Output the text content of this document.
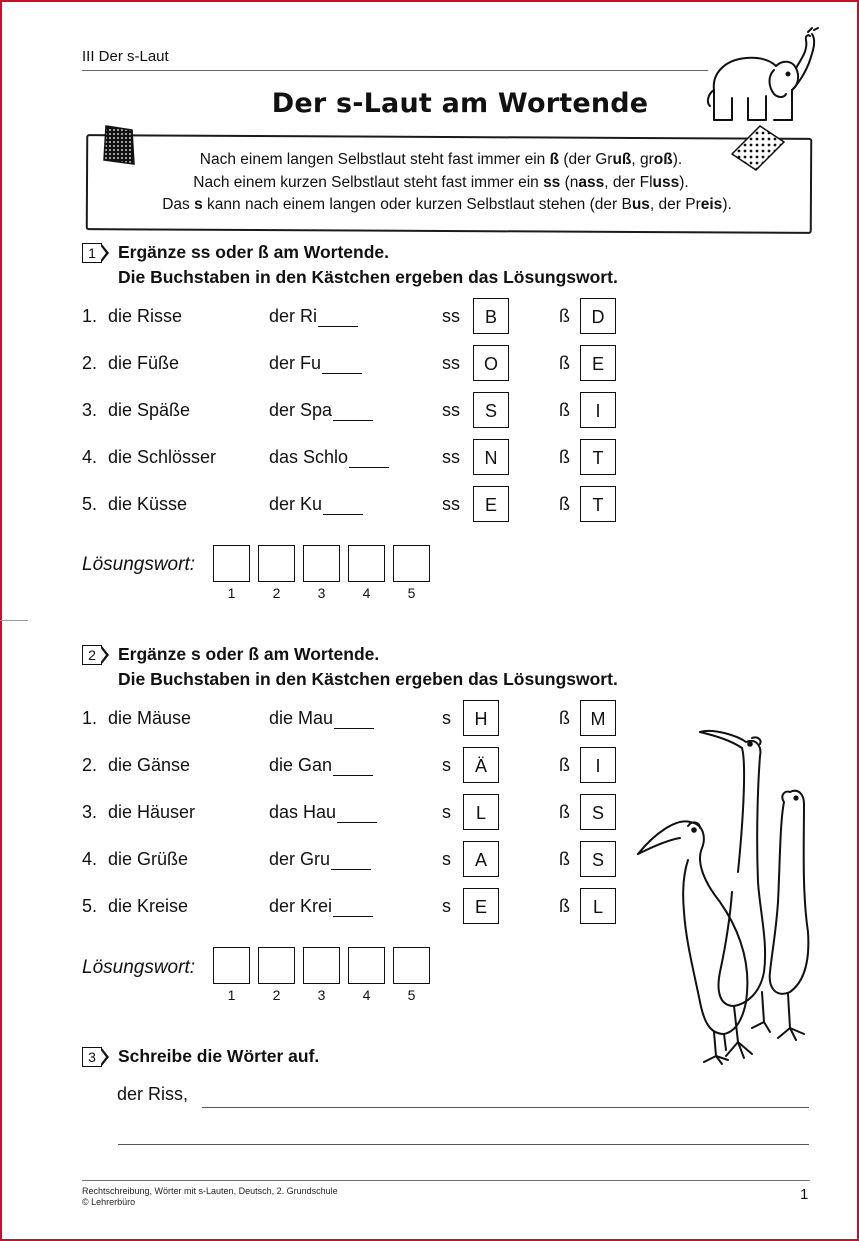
III Der s-Laut
Der s-Laut am Wortende
Nach einem langen Selbstlaut steht fast immer ein ß (der Gruß, groß).
Nach einem kurzen Selbstlaut steht fast immer ein ss (nass, der Fluss).
Das s kann nach einem langen oder kurzen Selbstlaut stehen (der Bus, der Preis).
1	Ergänze ss oder ß am Wortende.
Die Buchstaben in den Kästchen ergeben das Lösungswort.
1. die Risse	der Ri	ss	B	ß	D
2. die Füße	der Fu	ss	O	ß	E
3. die Späße	der Spa	ss	S	ß	I
4. die Schlösser	das Schlo	ss	N	ß	T
5. die Küsse	der Ku	ss	E	ß	T
Lösungswort:
1	2	3	4	5
2	Ergänze s oder ß am Wortende.
Die Buchstaben in den Kästchen ergeben das Lösungswort.
1. die Mäuse	die Mau	s	H	ß	M
2. die Gänse	die Gan	s	Ä	ß	I
3. die Häuser	das Hau	s	L	ß	S
4. die Grüße	der Gru	s	A	ß	S
5. die Kreise	der Krei	s	E	ß	L
Lösungswort:
1	2	3	4	5
3	Schreibe die Wörter auf.
der Riss,
Rechtschreibung, Wörter mit s-Lauten, Deutsch, 2. Grundschule
© Lehrerbüro	1
